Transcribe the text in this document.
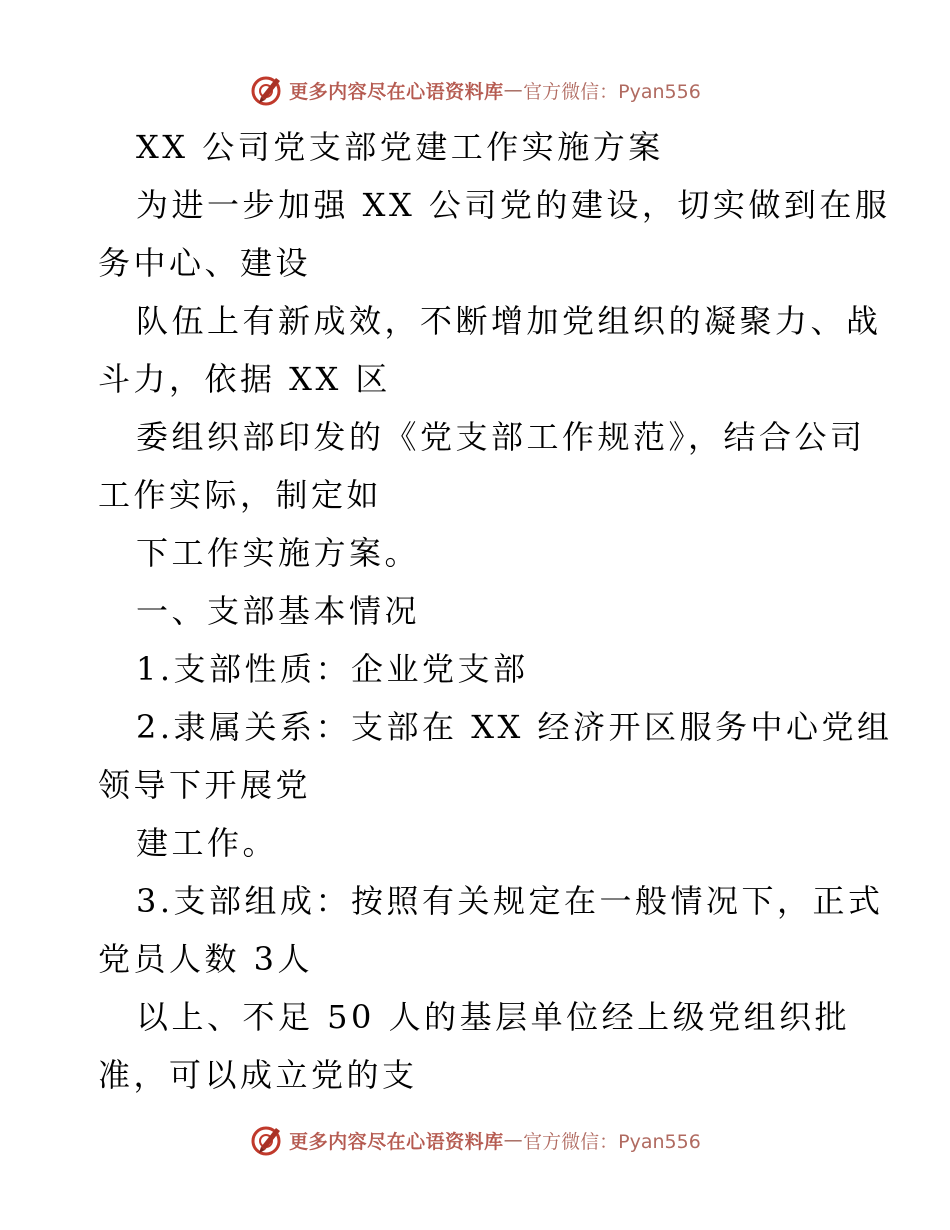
更多内容尽在心语资料库 — 官方微信：Pyan556
XX 公司党支部党建工作实施方案
为进一步加强 XX 公司党的建设，切实做到在服
务中心、建设
队伍上有新成效，不断增加党组织的凝聚力、战
斗力，依据 XX 区
委组织部印发的《党支部工作规范》，结合公司
工作实际，制定如
下工作实施方案。
一、支部基本情况
1.支部性质：企业党支部
2.隶属关系：支部在 XX 经济开区服务中心党组
领导下开展党
建工作。
3.支部组成：按照有关规定在一般情况下，正式
党员人数 3人
以上、不足 50 人的基层单位经上级党组织批
准，可以成立党的支
更多内容尽在心语资料库 — 官方微信：Pyan556
